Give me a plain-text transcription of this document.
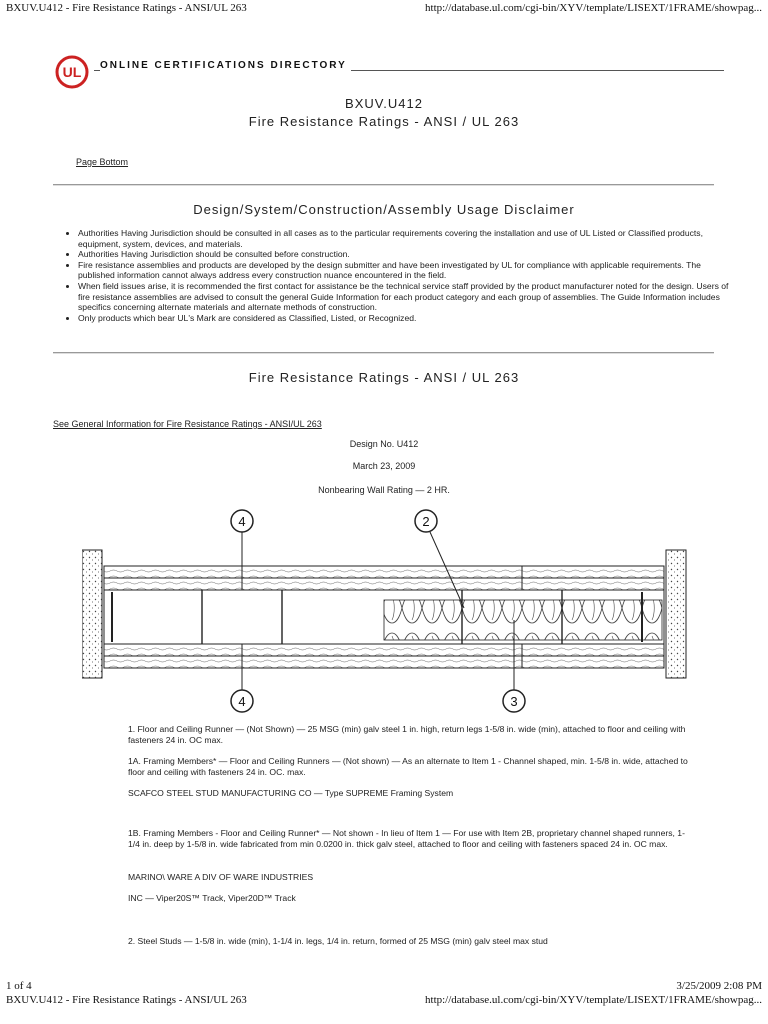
BXUV.U412 - Fire Resistance Ratings - ANSI/UL 263	http://database.ul.com/cgi-bin/XYV/template/LISEXT/1FRAME/showpag...
UL ONLINE CERTIFICATIONS DIRECTORY
BXUV.U412
Fire Resistance Ratings - ANSI / UL 263
Page Bottom
Design/System/Construction/Assembly Usage Disclaimer
• Authorities Having Jurisdiction should be consulted in all cases as to the particular requirements covering the installation and use of UL Listed or Classified products, equipment, system, devices, and materials.
• Authorities Having Jurisdiction should be consulted before construction.
• Fire resistance assemblies and products are developed by the design submitter and have been investigated by UL for compliance with applicable requirements. The published information cannot always address every construction nuance encountered in the field.
• When field issues arise, it is recommended the first contact for assistance be the technical service staff provided by the product manufacturer noted for the design. Users of fire resistance assemblies are advised to consult the general Guide Information for each product category and each group of assemblies. The Guide Information includes specifics concerning alternate materials and alternate methods of construction.
• Only products which bear UL's Mark are considered as Classified, Listed, or Recognized.
Fire Resistance Ratings - ANSI / UL 263
See General Information for Fire Resistance Ratings - ANSI/UL 263
Design No. U412
March 23, 2009
Nonbearing Wall Rating — 2 HR.
4	2
4	3
1. Floor and Ceiling Runner — (Not Shown) — 25 MSG (min) galv steel 1 in. high, return legs 1-5/8 in. wide (min), attached to floor and ceiling with fasteners 24 in. OC max.
1A. Framing Members* — Floor and Ceiling Runners — (Not shown) — As an alternate to Item 1 - Channel shaped, min. 1-5/8 in. wide, attached to floor and ceiling with fasteners 24 in. OC. max.
SCAFCO STEEL STUD MANUFACTURING CO — Type SUPREME Framing System
1B. Framing Members - Floor and Ceiling Runner* — Not shown - In lieu of Item 1 — For use with Item 2B, proprietary channel shaped runners, 1-1/4 in. deep by 1-5/8 in. wide fabricated from min 0.0200 in. thick galv steel, attached to floor and ceiling with fasteners spaced 24 in. OC max.
MARINO\ WARE A DIV OF WARE INDUSTRIES
INC — Viper20S™ Track, Viper20D™ Track
2. Steel Studs — 1-5/8 in. wide (min), 1-1/4 in. legs, 1/4 in. return, formed of 25 MSG (min) galv steel max stud
1 of 4	3/25/2009 2:08 PM
BXUV.U412 - Fire Resistance Ratings - ANSI/UL 263	http://database.ul.com/cgi-bin/XYV/template/LISEXT/1FRAME/showpag...
